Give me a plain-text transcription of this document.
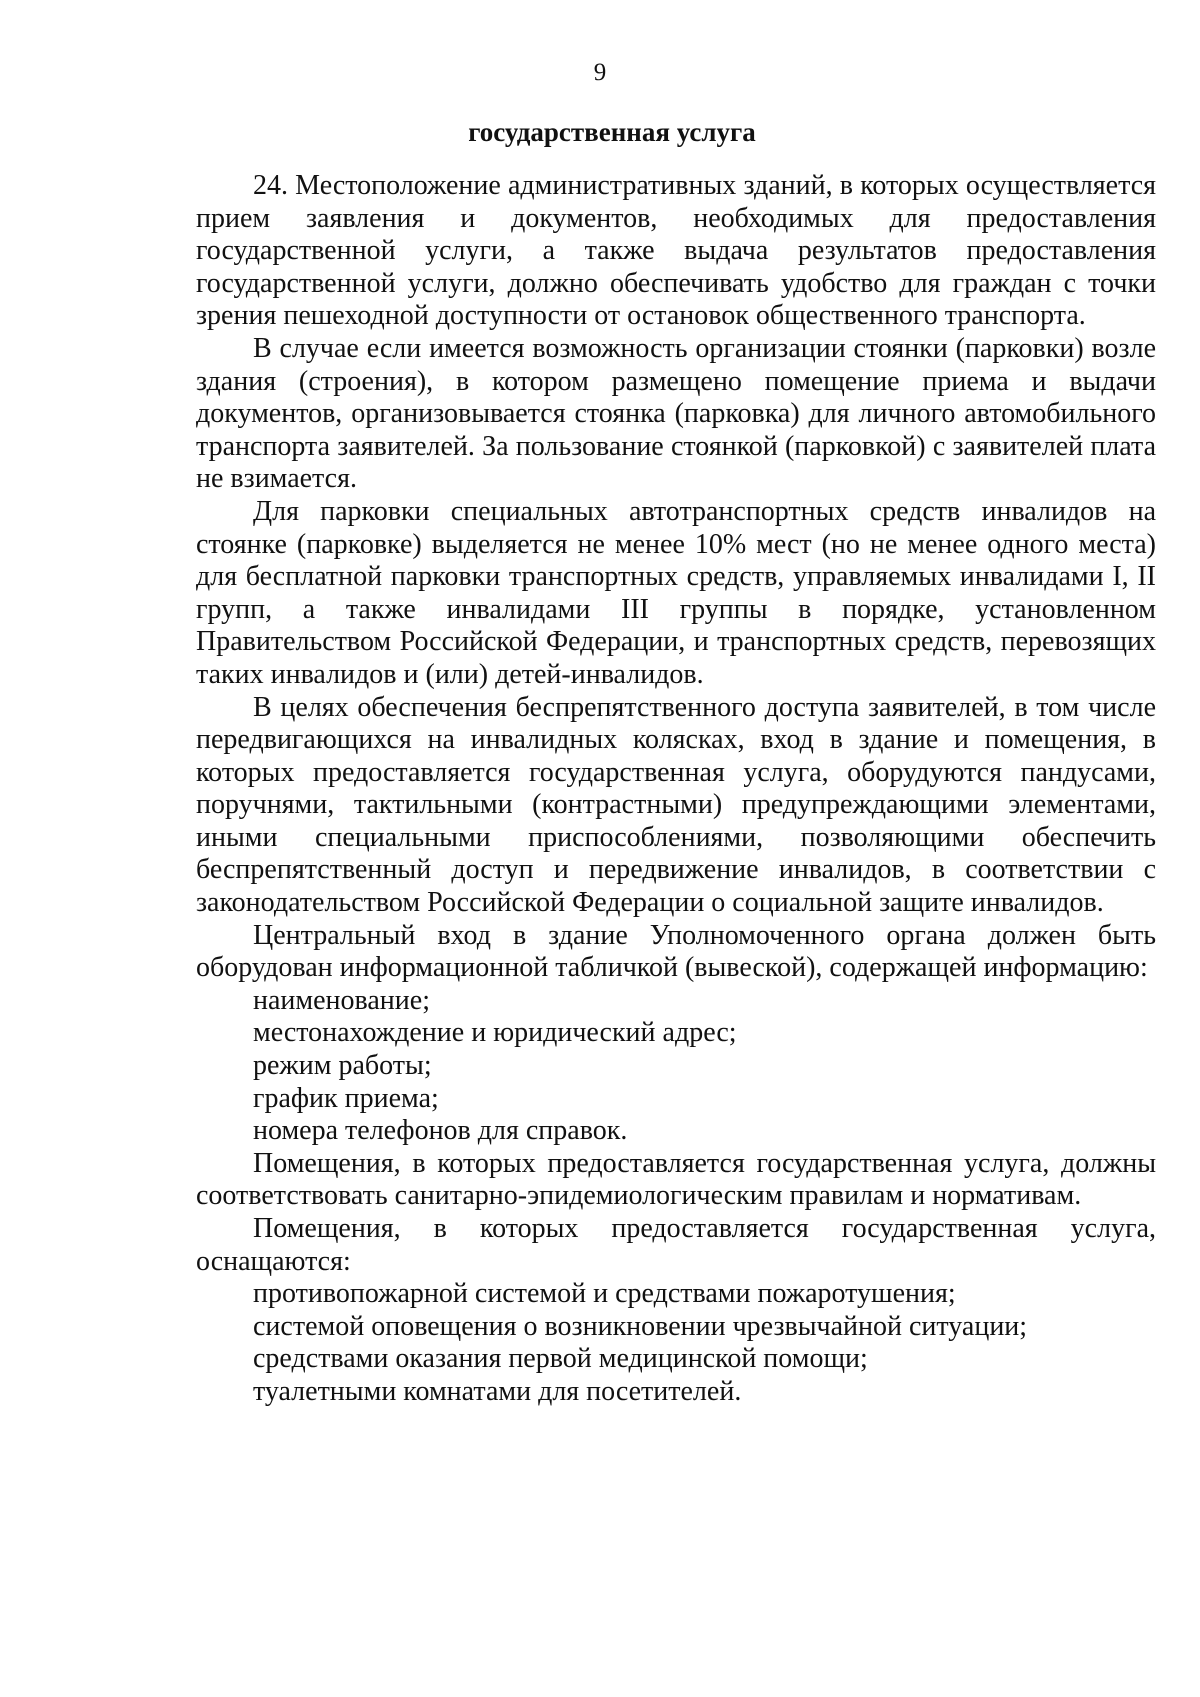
9
государственная услуга

24. Местоположение административных зданий, в которых осуществляется прием заявления и документов, необходимых для предоставления государственной услуги, а также выдача результатов предоставления государственной услуги, должно обеспечивать удобство для граждан с точки зрения пешеходной доступности от остановок общественного транспорта.

В случае если имеется возможность организации стоянки (парковки) возле здания (строения), в котором размещено помещение приема и выдачи документов, организовывается стоянка (парковка) для личного автомобильного транспорта заявителей. За пользование стоянкой (парковкой) с заявителей плата не взимается.

Для парковки специальных автотранспортных средств инвалидов на стоянке (парковке) выделяется не менее 10% мест (но не менее одного места) для бесплатной парковки транспортных средств, управляемых инвалидами I, II групп, а также инвалидами III группы в порядке, установленном Правительством Российской Федерации, и транспортных средств, перевозящих таких инвалидов и (или) детей-инвалидов.

В целях обеспечения беспрепятственного доступа заявителей, в том числе передвигающихся на инвалидных колясках, вход в здание и помещения, в которых предоставляется государственная услуга, оборудуются пандусами, поручнями, тактильными (контрастными) предупреждающими элементами, иными специальными приспособлениями, позволяющими обеспечить беспрепятственный доступ и передвижение инвалидов, в соответствии с законодательством Российской Федерации о социальной защите инвалидов.

Центральный вход в здание Уполномоченного органа должен быть оборудован информационной табличкой (вывеской), содержащей информацию:

наименование;

местонахождение и юридический адрес;

режим работы;

график приема;

номера телефонов для справок.

Помещения, в которых предоставляется государственная услуга, должны соответствовать санитарно-эпидемиологическим правилам и нормативам.

Помещения, в которых предоставляется государственная услуга, оснащаются:

противопожарной системой и средствами пожаротушения;

системой оповещения о возникновении чрезвычайной ситуации;

средствами оказания первой медицинской помощи;

туалетными комнатами для посетителей.
